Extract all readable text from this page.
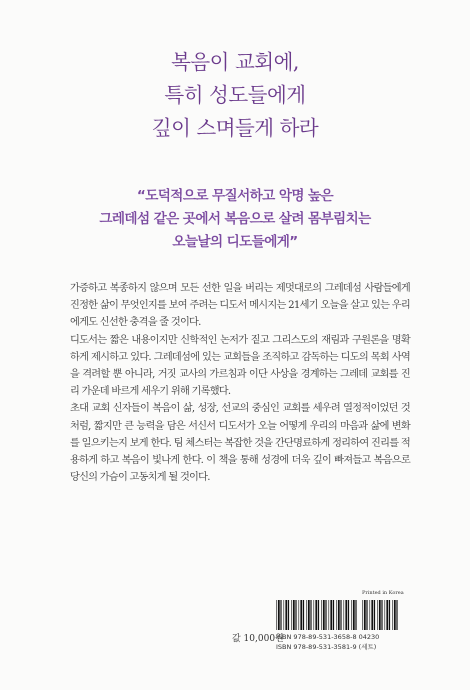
복음이 교회에,
특히 성도들에게
깊이 스며들게 하라
“도덕적으로 무질서하고 악명 높은
그레데섬 같은 곳에서 복음으로 살려 몸부림치는
오늘날의 디도들에게”

가증하고 복종하지 않으며 모든 선한 일을 버리는 제멋대로의 그레데섬 사람들에게 진정한 삶이 무엇인지를 보여 주려는 디도서 메시지는 21세기 오늘을 살고 있는 우리에게도 신선한 충격을 줄 것이다.

디도서는 짧은 내용이지만 신학적인 논저가 짙고 그리스도의 재림과 구원론을 명확하게 제시하고 있다. 그레데섬에 있는 교회들을 조직하고 감독하는 디도의 목회 사역을 격려할 뿐 아니라, 거짓 교사의 가르침과 이단 사상을 경계하는 그레데 교회를 진리 가운데 바르게 세우기 위해 기록했다.

초대 교회 신자들이 복음이 삶, 성장, 선교의 중심인 교회를 세우려 열정적이었던 것처럼, 짧지만 큰 능력을 담은 서신서 디도서가 오늘 어떻게 우리의 마음과 삶에 변화를 일으키는지 보게 한다. 팀 체스터는 복잡한 것을 간단명료하게 정리하여 진리를 적용하게 하고 복음이 빛나게 한다. 이 책을 통해 성경에 더욱 깊이 빠져들고 복음으로 당신의 가슴이 고동치게 될 것이다.

값 10,000원
Printed in Korea
ISBN 978-89-531-3658-8 04230
ISBN 978-89-531-3581-9 (세트)
